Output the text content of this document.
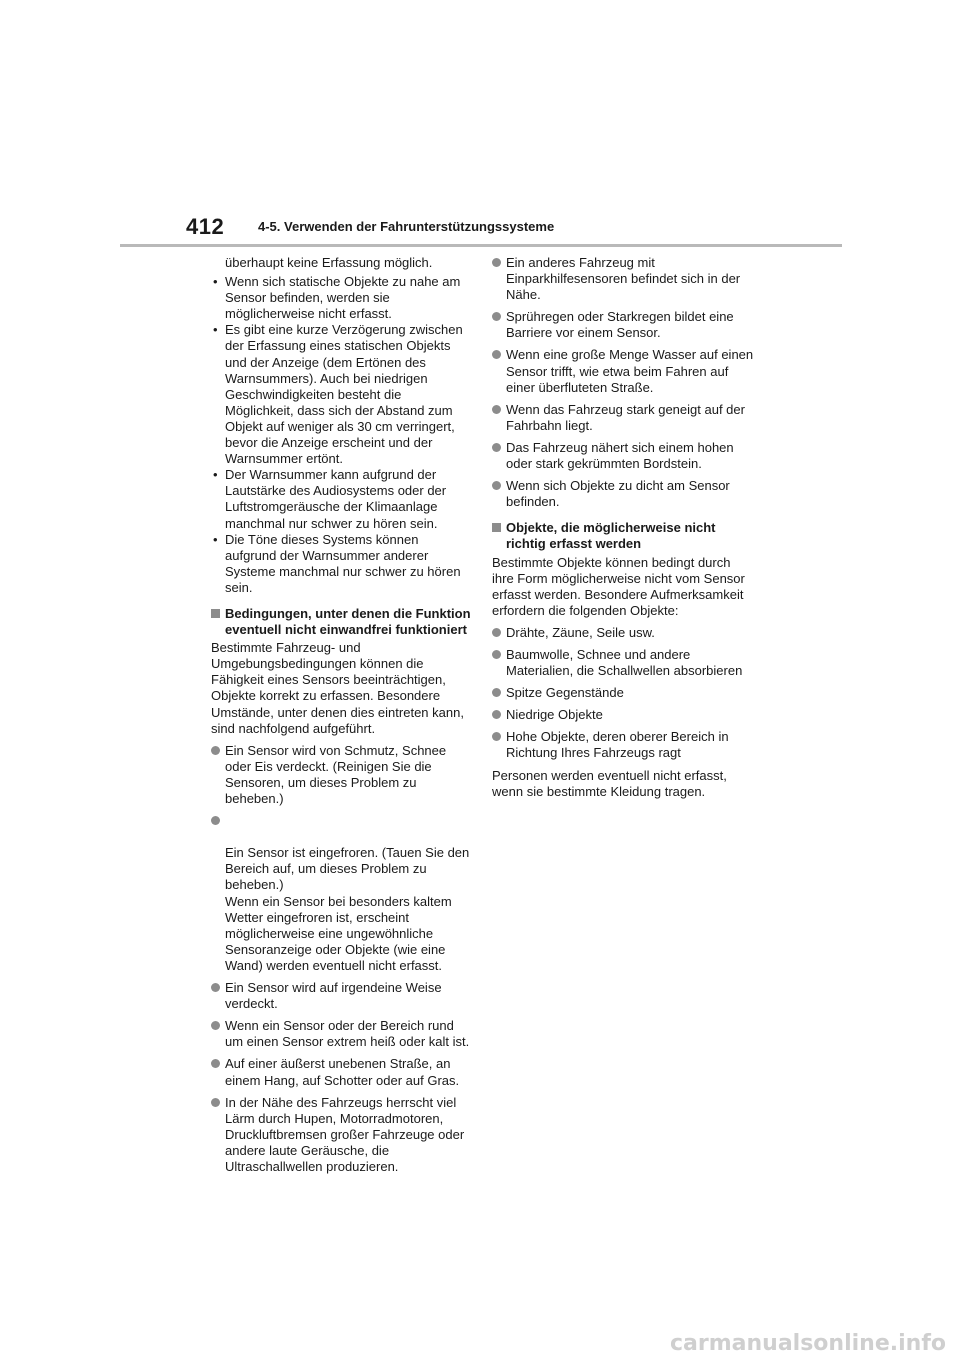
412	4-5. Verwenden der Fahrunterstützungssysteme

überhaupt keine Erfassung möglich.

• Wenn sich statische Objekte zu nahe am Sensor befinden, werden sie möglicherweise nicht erfasst.
• Es gibt eine kurze Verzögerung zwischen der Erfassung eines statischen Objekts und der Anzeige (dem Ertönen des Warnsummers). Auch bei niedrigen Geschwindigkeiten besteht die Möglichkeit, dass sich der Abstand zum Objekt auf weniger als 30 cm verringert, bevor die Anzeige erscheint und der Warnsummer ertönt.
• Der Warnsummer kann aufgrund der Lautstärke des Audiosystems oder der Luftstromgeräusche der Klimaanlage manchmal nur schwer zu hören sein.
• Die Töne dieses Systems können aufgrund der Warnsummer anderer Systeme manchmal nur schwer zu hören sein.
Bedingungen, unter denen die Funktion eventuell nicht einwandfrei funktioniert

Bestimmte Fahrzeug- und Umgebungsbedingungen können die Fähigkeit eines Sensors beeinträchtigen, Objekte korrekt zu erfassen. Besondere Umstände, unter denen dies eintreten kann, sind nachfolgend aufgeführt.

Ein Sensor wird von Schmutz, Schnee oder Eis verdeckt. (Reinigen Sie die Sensoren, um dieses Problem zu beheben.)

Ein Sensor ist eingefroren. (Tauen Sie den Bereich auf, um dieses Problem zu beheben.)
Wenn ein Sensor bei besonders kaltem Wetter eingefroren ist, erscheint möglicherweise eine ungewöhnliche Sensoranzeige oder Objekte (wie eine Wand) werden eventuell nicht erfasst.

Ein Sensor wird auf irgendeine Weise verdeckt.
Wenn ein Sensor oder der Bereich rund um einen Sensor extrem heiß oder kalt ist.
Auf einer äußerst unebenen Straße, an einem Hang, auf Schotter oder auf Gras.
In der Nähe des Fahrzeugs herrscht viel Lärm durch Hupen, Motorradmotoren, Druckluftbremsen großer Fahrzeuge oder andere laute Geräusche, die Ultraschallwellen produzieren.
Ein anderes Fahrzeug mit Einparkhilfesensoren befindet sich in der Nähe.
Sprühregen oder Starkregen bildet eine Barriere vor einem Sensor.
Wenn eine große Menge Wasser auf einen Sensor trifft, wie etwa beim Fahren auf einer überfluteten Straße.
Wenn das Fahrzeug stark geneigt auf der Fahrbahn liegt.
Das Fahrzeug nähert sich einem hohen oder stark gekrümmten Bordstein.
Wenn sich Objekte zu dicht am Sensor befinden.
Objekte, die möglicherweise nicht richtig erfasst werden

Bestimmte Objekte können bedingt durch ihre Form möglicherweise nicht vom Sensor erfasst werden. Besondere Aufmerksamkeit erfordern die folgenden Objekte:

Drähte, Zäune, Seile usw.
Baumwolle, Schnee und andere Materialien, die Schallwellen absorbieren
Spitze Gegenstände
Niedrige Objekte
Hohe Objekte, deren oberer Bereich in Richtung Ihres Fahrzeugs ragt

Personen werden eventuell nicht erfasst, wenn sie bestimmte Kleidung tragen.

carmanualsonline.info
